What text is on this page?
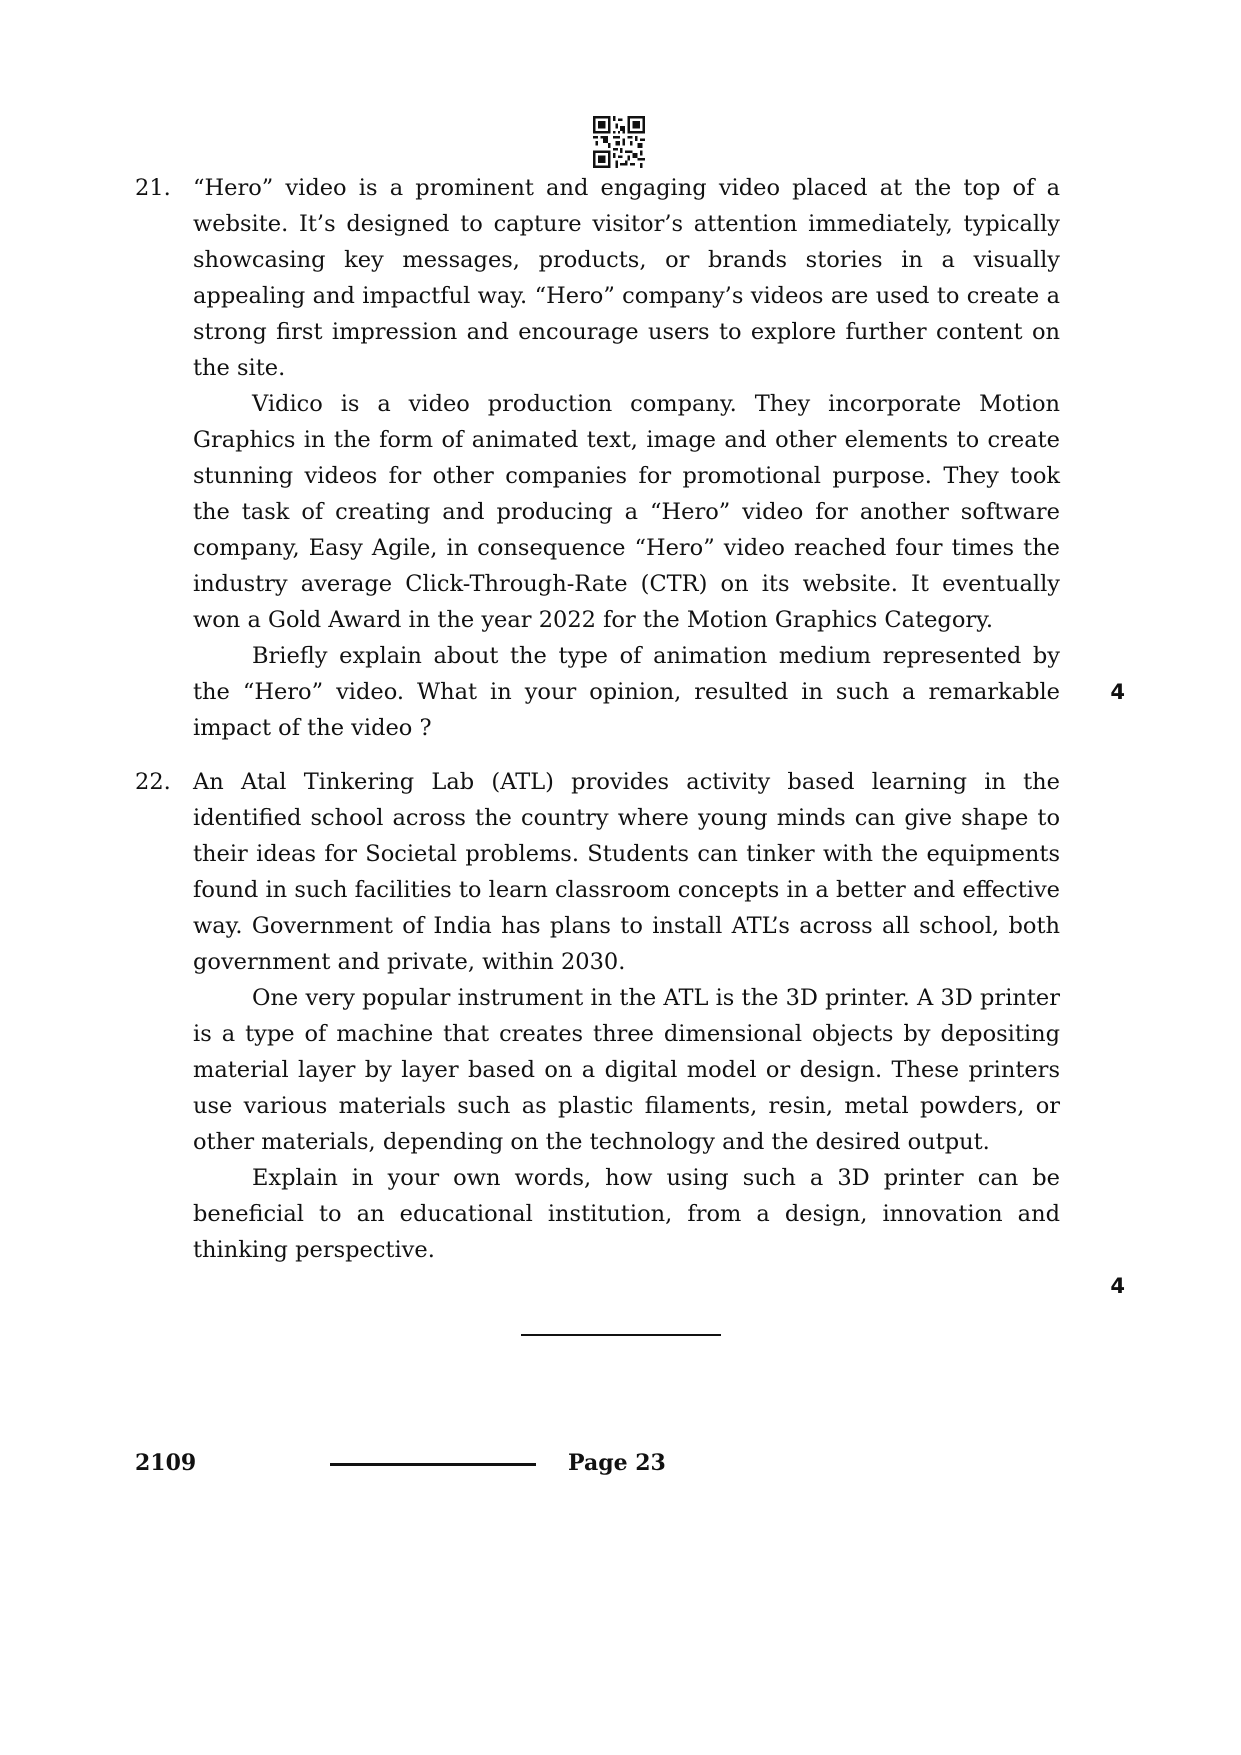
21. “Hero” video is a prominent and engaging video placed at the top of a website. It’s designed to capture visitor’s attention immediately, typically showcasing key messages, products, or brands stories in a visually appealing and impactful way. “Hero” company’s videos are used to create a strong first impression and encourage users to explore further content on the site.

Vidico is a video production company. They incorporate Motion Graphics in the form of animated text, image and other elements to create stunning videos for other companies for promotional purpose. They took the task of creating and producing a “Hero” video for another software company, Easy Agile, in consequence “Hero” video reached four times the industry average Click-Through-Rate (CTR) on its website. It eventually won a Gold Award in the year 2022 for the Motion Graphics Category.

Briefly explain about the type of animation medium represented by the “Hero” video. What in your opinion, resulted in such a remarkable impact of the video ?

4
22. An Atal Tinkering Lab (ATL) provides activity based learning in the identified school across the country where young minds can give shape to their ideas for Societal problems. Students can tinker with the equipments found in such facilities to learn classroom concepts in a better and effective way. Government of India has plans to install ATL’s across all school, both government and private, within 2030.

One very popular instrument in the ATL is the 3D printer. A 3D printer is a type of machine that creates three dimensional objects by depositing material layer by layer based on a digital model or design. These printers use various materials such as plastic filaments, resin, metal powders, or other materials, depending on the technology and the desired output.

Explain in your own words, how using such a 3D printer can be beneficial to an educational institution, from a design, innovation and thinking perspective.

4
2109	Page 23
